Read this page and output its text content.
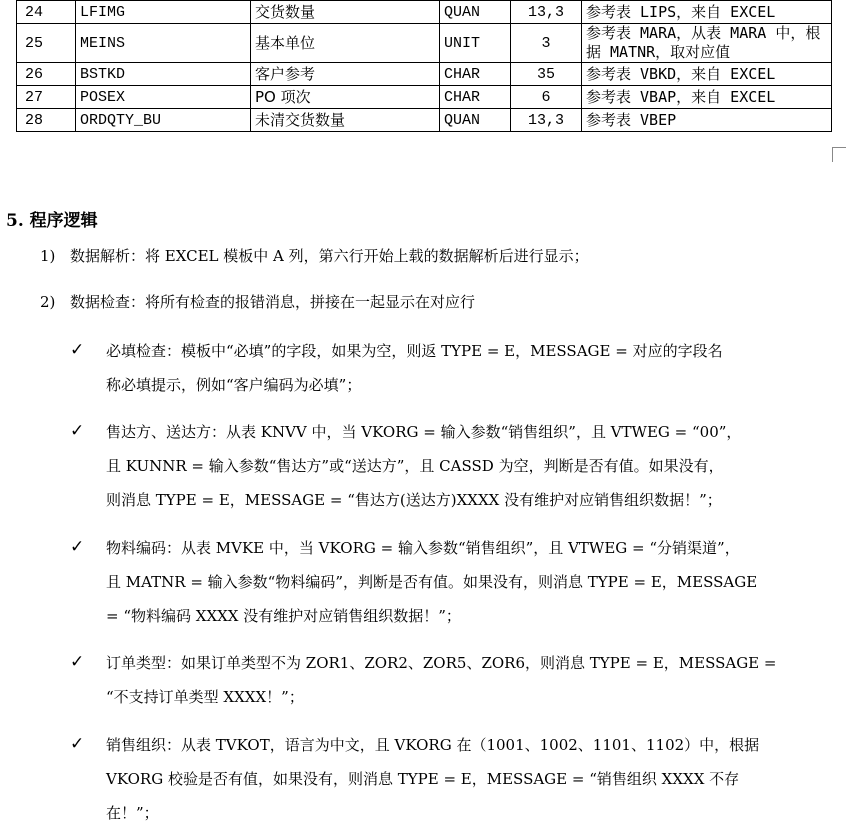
24	LFIMG	交货数量	QUAN	13,3	参考表 LIPS，来自 EXCEL
25	MEINS	基本单位	UNIT	3	参考表 MARA，从表 MARA 中，根据 MATNR，取对应值
26	BSTKD	客户参考	CHAR	35	参考表 VBKD，来自 EXCEL
27	POSEX	PO 项次	CHAR	6	参考表 VBAP，来自 EXCEL
28	ORDQTY_BU	未清交货数量	QUAN	13,3	参考表 VBEP
5. 程序逻辑
1) 数据解析：将 EXCEL 模板中 A 列，第六行开始上载的数据解析后进行显示；
2) 数据检查：将所有检查的报错消息，拼接在一起显示在对应行
✓ 必填检查：模板中“必填”的字段，如果为空，则返 TYPE = E，MESSAGE = 对应的字段名
称必填提示，例如“客户编码为必填”；
✓ 售达方、送达方：从表 KNVV 中，当 VKORG = 输入参数“销售组织”，且 VTWEG = “00”，
且 KUNNR = 输入参数“售达方”或“送达方”，且 CASSD 为空，判断是否有值。如果没有，
则消息 TYPE = E，MESSAGE = “售达方(送达方)XXXX 没有维护对应销售组织数据！”；
✓ 物料编码：从表 MVKE 中，当 VKORG = 输入参数“销售组织”，且 VTWEG = “分销渠道”，
且 MATNR = 输入参数“物料编码”，判断是否有值。如果没有，则消息 TYPE = E，MESSAGE
= “物料编码 XXXX 没有维护对应销售组织数据！”；
✓ 订单类型：如果订单类型不为 ZOR1、ZOR2、ZOR5、ZOR6，则消息 TYPE = E，MESSAGE =
“不支持订单类型 XXXX！”；
✓ 销售组织：从表 TVKOT，语言为中文，且 VKORG 在（1001、1002、1101、1102）中，根据
VKORG 校验是否有值，如果没有，则消息 TYPE = E，MESSAGE = “销售组织 XXXX 不存
在！”；
